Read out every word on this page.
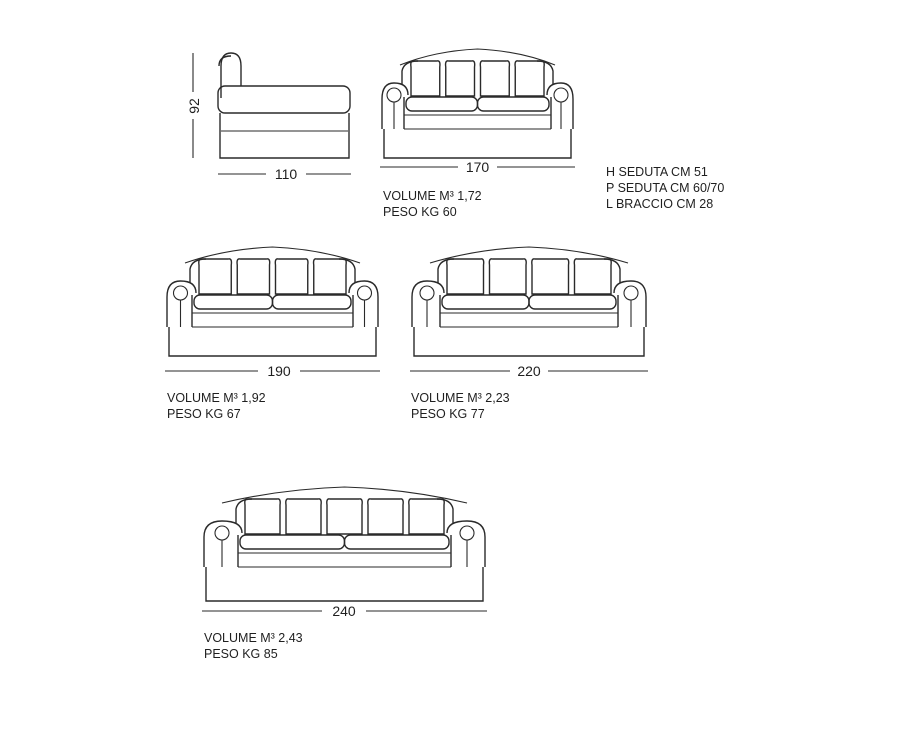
92
110	170
190	220
240
VOLUME M³ 1,72
PESO KG 60
H SEDUTA CM 51
P SEDUTA CM 60/70
L BRACCIO CM 28
VOLUME M³ 1,92
PESO KG 67
VOLUME M³ 2,23
PESO KG 77
VOLUME M³ 2,43
PESO KG 85
